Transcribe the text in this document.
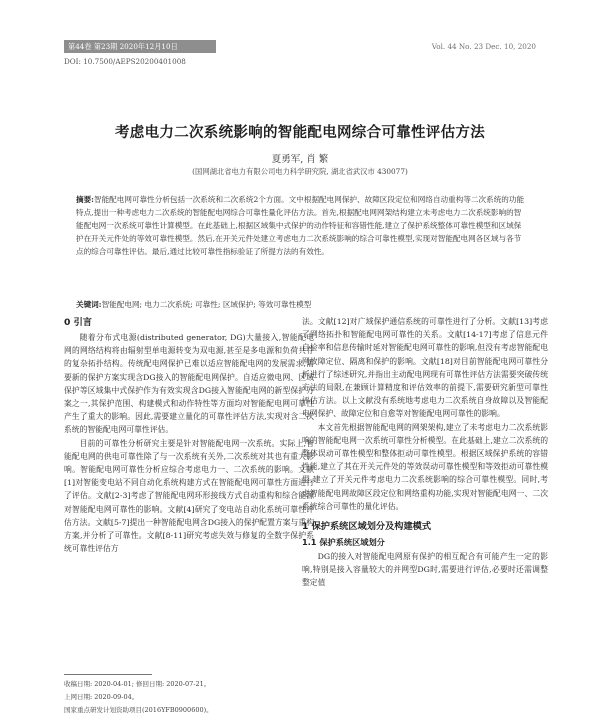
第44卷 第23期 2020年12月10日	Vol. 44 No. 23 Dec. 10, 2020
DOI: 10.7500/AEPS20200401008
考虑电力二次系统影响的智能配电网综合可靠性评估方法
夏勇军, 肖 繁
(国网湖北省电力有限公司电力科学研究院, 湖北省武汉市 430077)
摘要:智能配电网可靠性分析包括一次系统和二次系统2个方面。文中根据配电网保护、故障区段定位和网络自动重构等二次系统的功能特点,提出一种考虑电力二次系统的智能配电网综合可靠性量化评估方法。首先,根据配电网网架结构建立未考虑电力二次系统影响的智能配电网一次系统可靠性计算模型。在此基础上,根据区域集中式保护的动作特征和容错性能,建立了保护系统整体可靠性模型和区域保护在开关元件处的等效可靠性模型。然后,在开关元件处建立考虑电力二次系统影响的综合可靠性模型,实现对智能配电网各区域与各节点的综合可靠性评估。最后,通过比较可靠性指标验证了所提方法的有效性。
关键词:智能配电网; 电力二次系统; 可靠性; 区域保护; 等效可靠性模型
0 引言

随着分布式电源(distributed generator, DG)大量接入,智能配电网的网络结构将由辐射型单电源转变为双电源,甚至是多电源和负荷共存的复杂拓扑结构。传统配电网保护已难以适应智能配电网的发展需求,需要新的保护方案实现含DG接入的智能配电网保护。自适应微电网、区域保护等区域集中式保护作为有效实现含DG接入智能配电网的新型保护方案之一,其保护范围、构建模式和动作特性等方面均对智能配电网可靠性产生了重大的影响。因此,需要建立量化的可靠性评估方法,实现对含二次系统的智能配电网可靠性评估。

目前的可靠性分析研究主要是针对智能配电网一次系统。实际上,智能配电网的供电可靠性除了与一次系统有关外,二次系统对其也有重大影响。智能配电网可靠性分析应综合考虑电力一、二次系统的影响。文献[1]对智能变电站不同自动化系统构建方式在智能配电网可靠性方面进行了评估。文献[2-3]考虑了智能配电网环形接线方式自动重构和综合能源对智能配电网可靠性的影响。文献[4]研究了变电站自动化系统可靠性评估方法。文献[5-7]提出一种智能配电网含DG接入的保护配置方案与重构方案,并分析了可靠性。文献[8-11]研究考虑失效与修复的全数字保护系统可靠性评估方

法。文献[12]对广域保护通信系统的可靠性进行了分析。文献[13]考虑了网络拓扑和智能配电网可靠性的关系。文献[14-17]考虑了信息元件自检率和信息传输时延对智能配电网可靠性的影响,但没有考虑智能配电网故障定位、隔离和保护的影响。文献[18]对目前智能配电网可靠性分析进行了综述研究,并指出主动配电网现有可靠性评估方法需要突破传统方法的局限,在兼顾计算精度和评估效率的前提下,需要研究新型可靠性评估方法。以上文献没有系统地考虑电力二次系统自身故障以及智能配电网保护、故障定位和自愈等对智能配电网可靠性的影响。

本文首先根据智能配电网的网架架构,建立了未考虑电力二次系统影响的智能配电网一次系统可靠性分析模型。在此基础上,建立二次系统的整体误动可靠性模型和整体拒动可靠性模型。根据区域保护系统的容错性能,建立了其在开关元件处的等效误动可靠性模型和等效拒动可靠性模型,建立了开关元件考虑电力二次系统影响的综合可靠性模型。同时,考虑智能配电网故障区段定位和网络重构功能,实现对智能配电网一、二次系统综合可靠性的量化评估。

1 保护系统区域划分及构建模式
1.1 保护系统区域划分

DG的接入对智能配电网原有保护的相互配合有可能产生一定的影响,特别是接入容量较大的并网型DG时,需要进行评估,必要时还需调整整定值

收稿日期: 2020-04-01; 修回日期: 2020-07-21。
上网日期: 2020-09-04。
国家重点研发计划资助项目(2016YFB0900600)。
